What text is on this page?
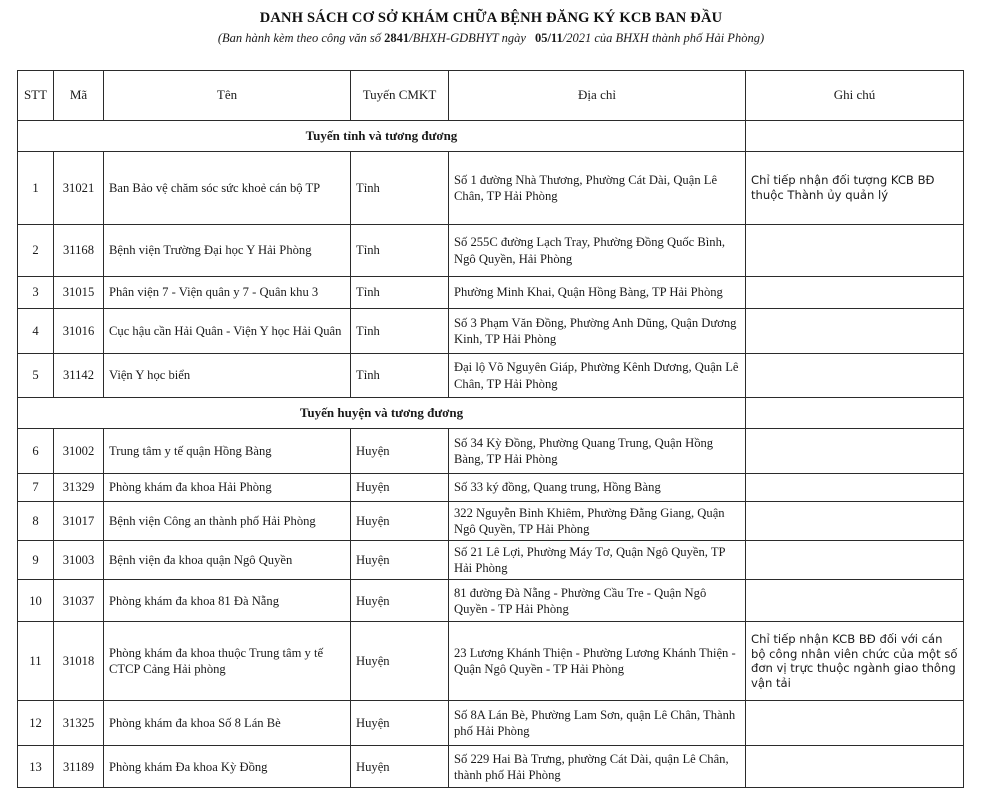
DANH SÁCH CƠ SỞ KHÁM CHỮA BỆNH ĐĂNG KÝ KCB BAN ĐẦU
(Ban hành kèm theo công văn số 2841/BHXH-GDBHYT ngày 05/11/2021 của BHXH thành phố Hải Phòng)
STT	Mã	Tên	Tuyến CMKT	Địa chỉ	Ghi chú
Tuyến tỉnh và tương đương					
1	31021	Ban Bảo vệ chăm sóc sức khoẻ cán bộ TP	Tỉnh	Số 1 đường Nhà Thương, Phường Cát Dài, Quận Lê Chân, TP Hải Phòng	Chỉ tiếp nhận đối tượng KCB BĐ thuộc Thành ủy quản lý
2	31168	Bệnh viện Trường Đại học Y Hải Phòng	Tỉnh	Số 255C đường Lạch Tray, Phường Đồng Quốc Bình, Ngô Quyền, Hải Phòng	
3	31015	Phân viện 7 - Viện quân y 7 - Quân khu 3	Tỉnh	Phường Minh Khai, Quận Hồng Bàng, TP Hải Phòng	
4	31016	Cục hậu cần Hải Quân - Viện Y học Hải Quân	Tỉnh	Số 3 Phạm Văn Đồng, Phường Anh Dũng, Quận Dương Kinh, TP Hải Phòng	
5	31142	Viện Y học biển	Tỉnh	Đại lộ Võ Nguyên Giáp, Phường Kênh Dương, Quận Lê Chân, TP Hải Phòng	
Tuyến huyện và tương đương					
6	31002	Trung tâm y tế quận Hồng Bàng	Huyện	Số 34 Kỳ Đồng, Phường Quang Trung, Quận Hồng Bàng, TP Hải Phòng	
7	31329	Phòng khám đa khoa Hải Phòng	Huyện	Số 33 ký đồng, Quang trung, Hồng Bàng	
8	31017	Bệnh viện Công an thành phố Hải Phòng	Huyện	322 Nguyễn Bỉnh Khiêm, Phường Đằng Giang, Quận Ngô Quyền, TP Hải Phòng	
9	31003	Bệnh viện đa khoa quận Ngô Quyền	Huyện	Số 21 Lê Lợi, Phường Máy Tơ, Quận Ngô Quyền, TP Hải Phòng	
10	31037	Phòng khám đa khoa 81 Đà Nẵng	Huyện	81 đường Đà Nẵng - Phường Cầu Tre - Quận Ngô Quyền - TP Hải Phòng	
11	31018	Phòng khám đa khoa thuộc Trung tâm y tế CTCP Cảng Hải phòng	Huyện	23 Lương Khánh Thiện - Phường Lương Khánh Thiện - Quận Ngô Quyền - TP Hải Phòng	Chỉ tiếp nhận KCB BĐ đối với cán bộ công nhân viên chức của một số đơn vị trực thuộc ngành giao thông vận tải
12	31325	Phòng khám đa khoa Số 8 Lán Bè	Huyện	Số 8A Lán Bè, Phường Lam Sơn, quận Lê Chân, Thành phố Hải Phòng	
13	31189	Phòng khám Đa khoa Kỳ Đồng	Huyện	Số 229 Hai Bà Trưng, phường Cát Dài, quận Lê Chân, thành phố Hải Phòng	
